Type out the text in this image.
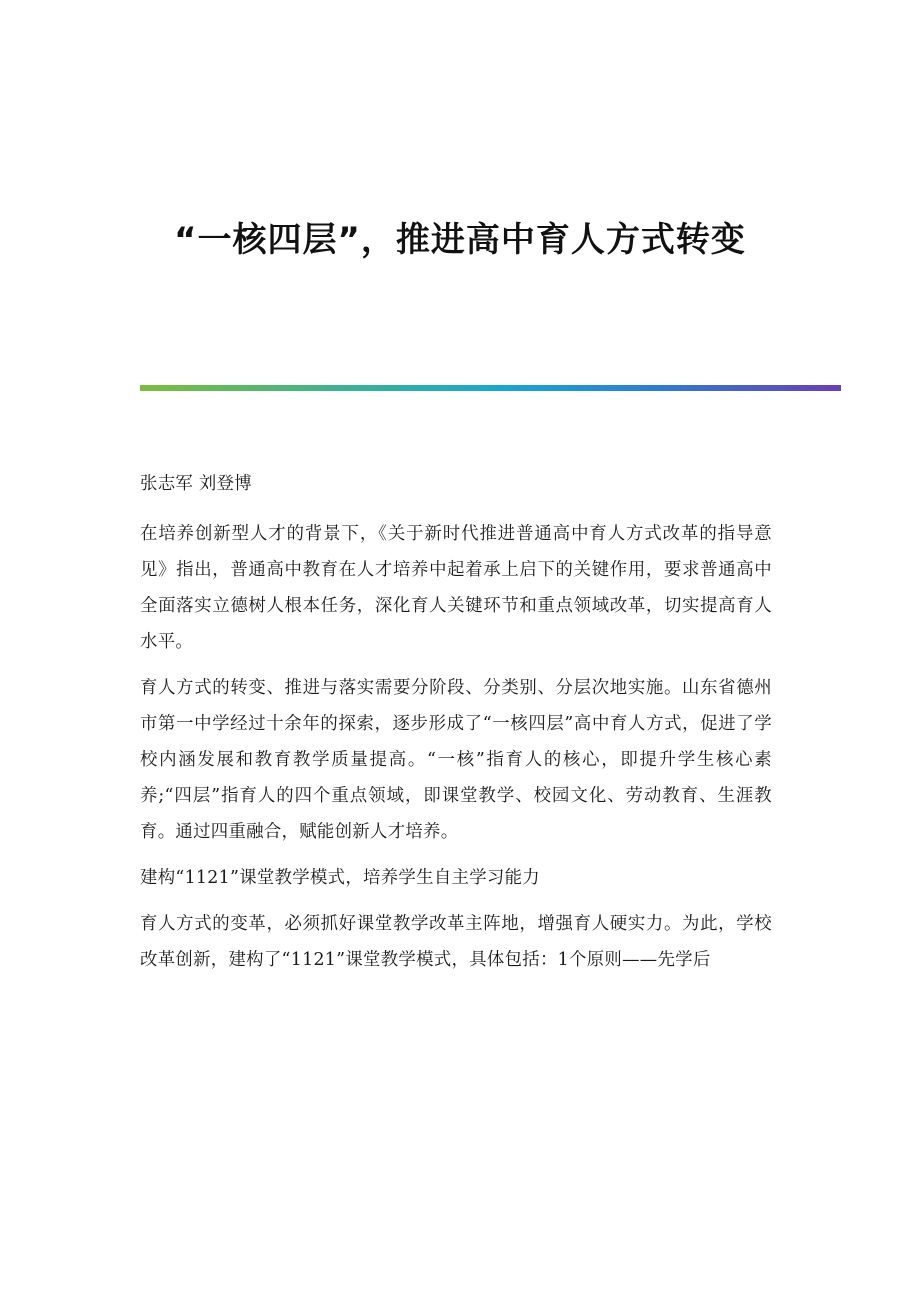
“一核四层”，推进高中育人方式转变

张志军 刘登博

在培养创新型人才的背景下，《关于新时代推进普通高中育人方式改革的指导意见》指出，普通高中教育在人才培养中起着承上启下的关键作用，要求普通高中全面落实立德树人根本任务，深化育人关键环节和重点领域改革，切实提高育人水平。

育人方式的转变、推进与落实需要分阶段、分类别、分层次地实施。山东省德州市第一中学经过十余年的探索，逐步形成了“一核四层”高中育人方式，促进了学校内涵发展和教育教学质量提高。“一核”指育人的核心，即提升学生核心素养;“四层”指育人的四个重点领域，即课堂教学、校园文化、劳动教育、生涯教育。通过四重融合，赋能创新人才培养。

建构“1121”课堂教学模式，培养学生自主学习能力

育人方式的变革，必须抓好课堂教学改革主阵地，增强育人硬实力。为此，学校改革创新，建构了“1121”课堂教学模式，具体包括：1个原则——先学后
